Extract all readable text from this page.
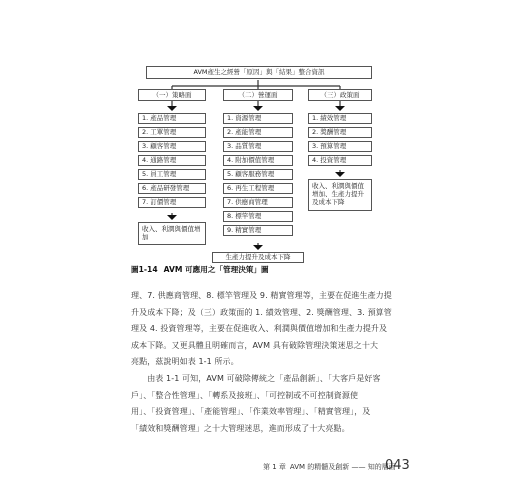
AVM產生之經營「原因」與「結果」整合資訊
（一）策略面	（二）營運面	（三）政策面
1. 產品管理
2. 工單管理
3. 顧客管理
4. 通路管理
5. 員工管理
6. 產品研發管理
7. 訂價管理
收入、利潤與價值增加
1. 資源管理
2. 產能管理
3. 品質管理
4. 附加價值管理
5. 顧客服務管理
6. 再生工程管理
7. 供應商管理
8. 標竿管理
9. 精實管理
生產力提升及成本下降
1. 績效管理
2. 獎酬管理
3. 預算管理
4. 投資管理
收入、利潤與價值增加、生產力提升及成本下降
圖1-14 AVM 可應用之「管理決策」圖
理、7. 供應商管理、8. 標竿管理及 9. 精實管理等，主要在促進生產力提
升及成本下降；及（三）政策面的 1. 績效管理、2. 獎酬管理、3. 預算管
理及 4. 投資管理等，主要在促進收入、利潤與價值增加和生產力提升及
成本下降。又更具體且明確而言，AVM 具有破除管理決策迷思之十大
亮點，茲說明如表 1-1 所示。
　　由表 1-1 可知，AVM 可破除傳統之「產品創新」、「大客戶是好客
戶」、「整合性管理」、「轉系及接班」、「可控制或不可控制資源使
用」、「投資管理」、「產能管理」、「作業效率管理」、「精實管理」，及
「績效和獎酬管理」之十大管理迷思，進而形成了十大亮點。
第 1 章 AVM 的精髓及創新 —— 知的層面
043
